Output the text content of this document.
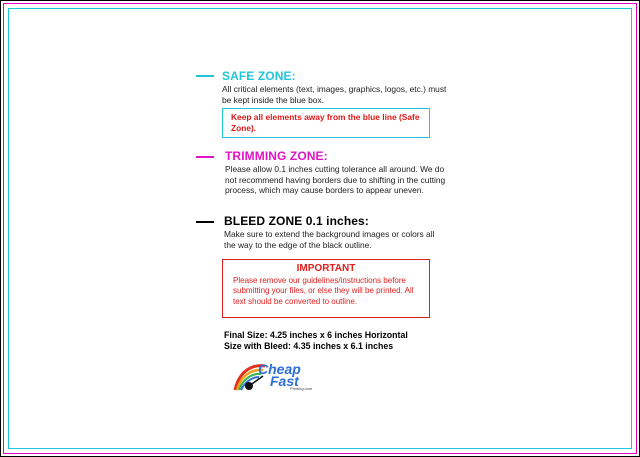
SAFE ZONE:
All critical elements (text, images, graphics, logos, etc.) must be kept inside the blue box.
Keep all elements away from the blue line (Safe Zone).
TRIMMING ZONE:
Please allow 0.1 inches cutting tolerance all around. We do not recommend having borders due to shifting in the cutting process, which may cause borders to appear uneven.
BLEED ZONE 0.1 inches:
Make sure to extend the background images or colors all the way to the edge of the black outline.
IMPORTANT
Please remove our guidelines/instructions before submitting your files, or else they will be printed. All text should be converted to outline.
Final Size: 4.25 inches x 6 inches Horizontal
Size with Bleed: 4.35 inches x 6.1 inches
Cheap
Fast
Printing.com
